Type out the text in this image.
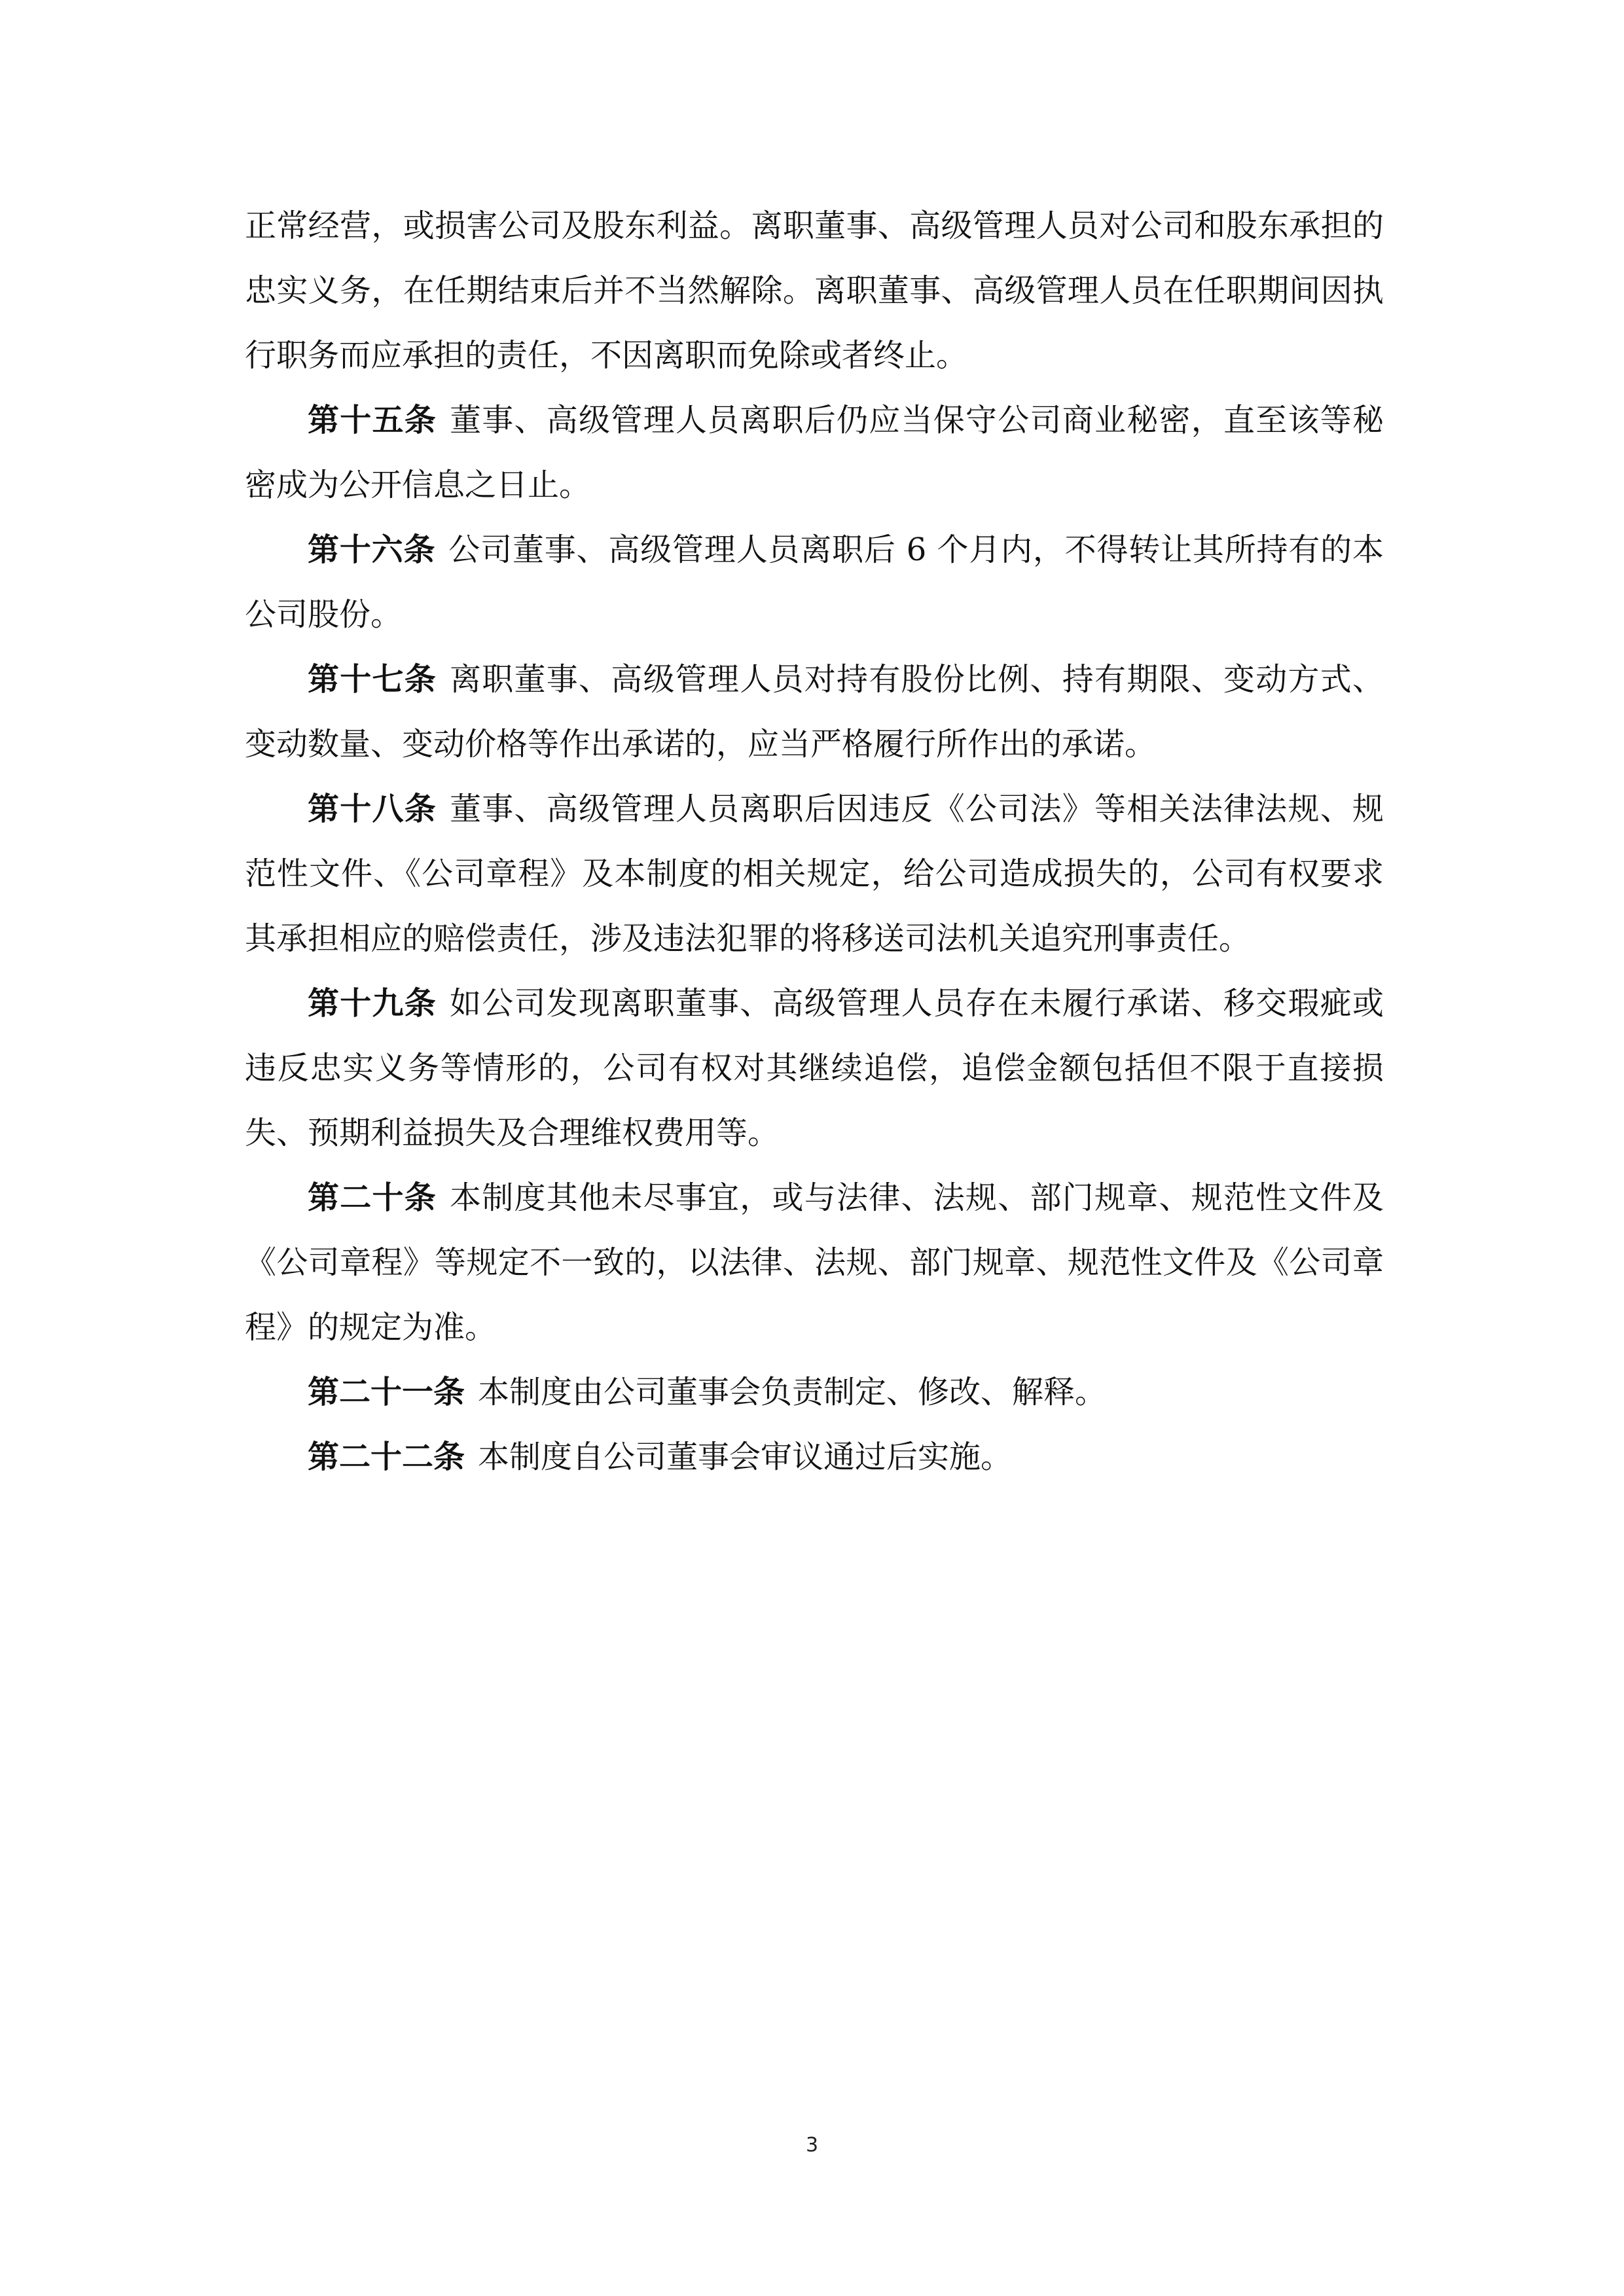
正常经营，或损害公司及股东利益。离职董事、高级管理人员对公司和股东承担的忠实义务，在任期结束后并不当然解除。离职董事、高级管理人员在任职期间因执行职务而应承担的责任，不因离职而免除或者终止。

第十五条 董事、高级管理人员离职后仍应当保守公司商业秘密，直至该等秘密成为公开信息之日止。

第十六条 公司董事、高级管理人员离职后 6 个月内，不得转让其所持有的本公司股份。

第十七条 离职董事、高级管理人员对持有股份比例、持有期限、变动方式、变动数量、变动价格等作出承诺的，应当严格履行所作出的承诺。

第十八条 董事、高级管理人员离职后因违反《公司法》等相关法律法规、规范性文件、《公司章程》及本制度的相关规定，给公司造成损失的，公司有权要求其承担相应的赔偿责任，涉及违法犯罪的将移送司法机关追究刑事责任。

第十九条 如公司发现离职董事、高级管理人员存在未履行承诺、移交瑕疵或违反忠实义务等情形的，公司有权对其继续追偿，追偿金额包括但不限于直接损失、预期利益损失及合理维权费用等。

第二十条 本制度其他未尽事宜，或与法律、法规、部门规章、规范性文件及《公司章程》等规定不一致的，以法律、法规、部门规章、规范性文件及《公司章程》的规定为准。

第二十一条 本制度由公司董事会负责制定、修改、解释。

第二十二条 本制度自公司董事会审议通过后实施。

3
